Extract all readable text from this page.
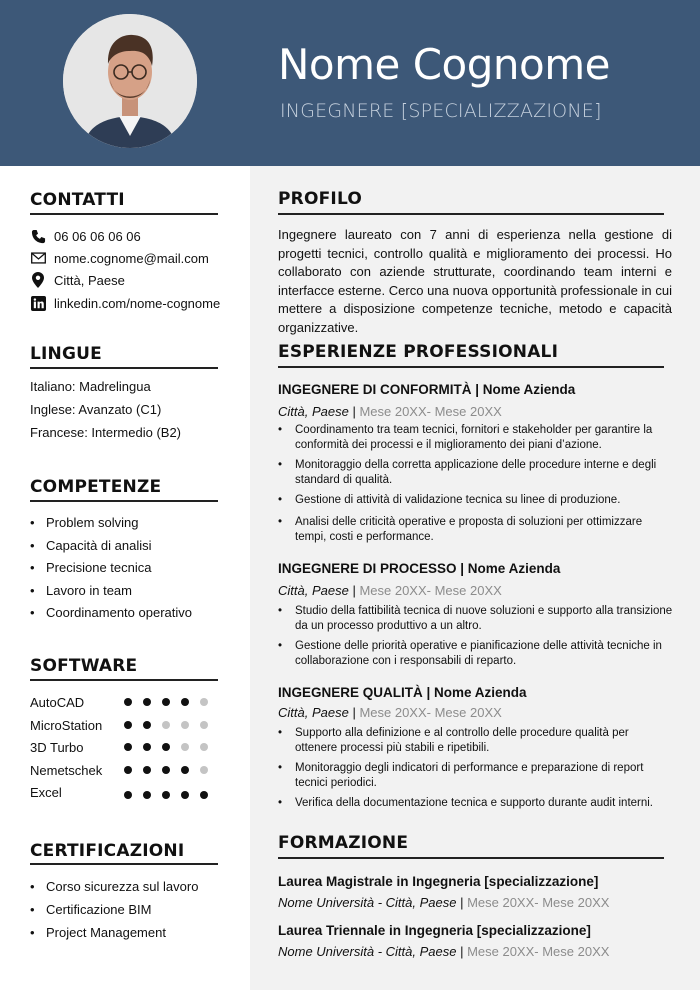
Nome Cognome
INGEGNERE [SPECIALIZZAZIONE]
CONTATTI
06 06 06 06 06
nome.cognome@mail.com
Città, Paese
linkedin.com/nome-cognome
LINGUE
Italiano: Madrelingua
Inglese: Avanzato (C1)
Francese: Intermedio (B2)
COMPETENZE
• Problem solving
• Capacità di analisi
• Precisione tecnica
• Lavoro in team
• Coordinamento operativo
SOFTWARE
AutoCAD
MicroStation
3D Turbo
Nemetschek
Excel
CERTIFICAZIONI
• Corso sicurezza sul lavoro
• Certificazione BIM
• Project Management
PROFILO
Ingegnere laureato con 7 anni di esperienza nella gestione di progetti tecnici, controllo qualità e miglioramento dei processi. Ho collaborato con aziende strutturate, coordinando team interni e interfacce esterne. Cerco una nuova opportunità professionale in cui mettere a disposizione competenze tecniche, metodo e capacità organizzative.
ESPERIENZE PROFESSIONALI
INGEGNERE DI CONFORMITÀ | Nome Azienda
Città, Paese | Mese 20XX- Mese 20XX
•	Coordinamento tra team tecnici, fornitori e stakeholder per garantire la conformità dei processi e il miglioramento dei piani d’azione.
•	Monitoraggio della corretta applicazione delle procedure interne e degli standard di qualità.
•	Gestione di attività di validazione tecnica su linee di produzione.
•	Analisi delle criticità operative e proposta di soluzioni per ottimizzare tempi, costi e performance.
INGEGNERE DI PROCESSO | Nome Azienda
Città, Paese | Mese 20XX- Mese 20XX
•	Studio della fattibilità tecnica di nuove soluzioni e supporto alla transizione da un processo produttivo a un altro.
•	Gestione delle priorità operative e pianificazione delle attività tecniche in collaborazione con i responsabili di reparto.
INGEGNERE QUALITÀ | Nome Azienda
Città, Paese | Mese 20XX- Mese 20XX
•	Supporto alla definizione e al controllo delle procedure qualità per ottenere processi più stabili e ripetibili.
•	Monitoraggio degli indicatori di performance e preparazione di report tecnici periodici.
•	Verifica della documentazione tecnica e supporto durante audit interni.
FORMAZIONE
Laurea Magistrale in Ingegneria [specializzazione]
Nome Università - Città, Paese | Mese 20XX- Mese 20XX
Laurea Triennale in Ingegneria [specializzazione]
Nome Università - Città, Paese | Mese 20XX- Mese 20XX
